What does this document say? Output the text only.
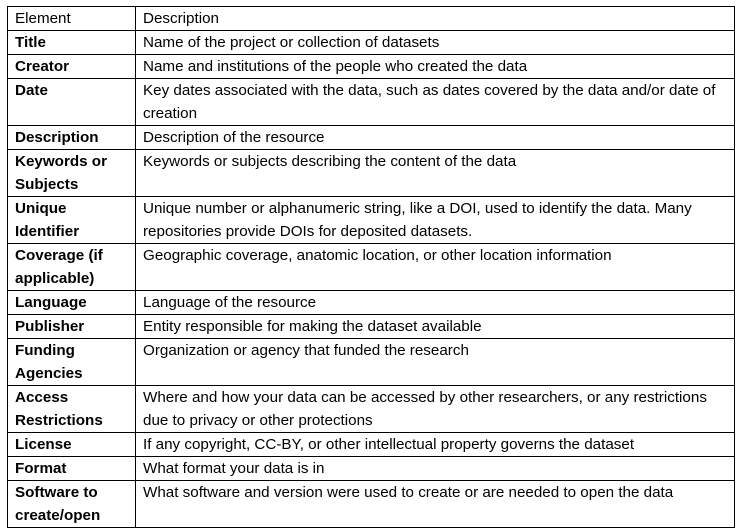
Element	Description
Title	Name of the project or collection of datasets
Creator	Name and institutions of the people who created the data
Date	Key dates associated with the data, such as dates covered by the data and/or date of creation
Description	Description of the resource
Keywords or Subjects	Keywords or subjects describing the content of the data
Unique Identifier	Unique number or alphanumeric string, like a DOI, used to identify the data. Many repositories provide DOIs for deposited datasets.
Coverage (if applicable)	Geographic coverage, anatomic location, or other location information
Language	Language of the resource
Publisher	Entity responsible for making the dataset available
Funding Agencies	Organization or agency that funded the research
Access Restrictions	Where and how your data can be accessed by other researchers, or any restrictions due to privacy or other protections
License	If any copyright, CC-BY, or other intellectual property governs the dataset
Format	What format your data is in
Software to create/open	What software and version were used to create or are needed to open the data
